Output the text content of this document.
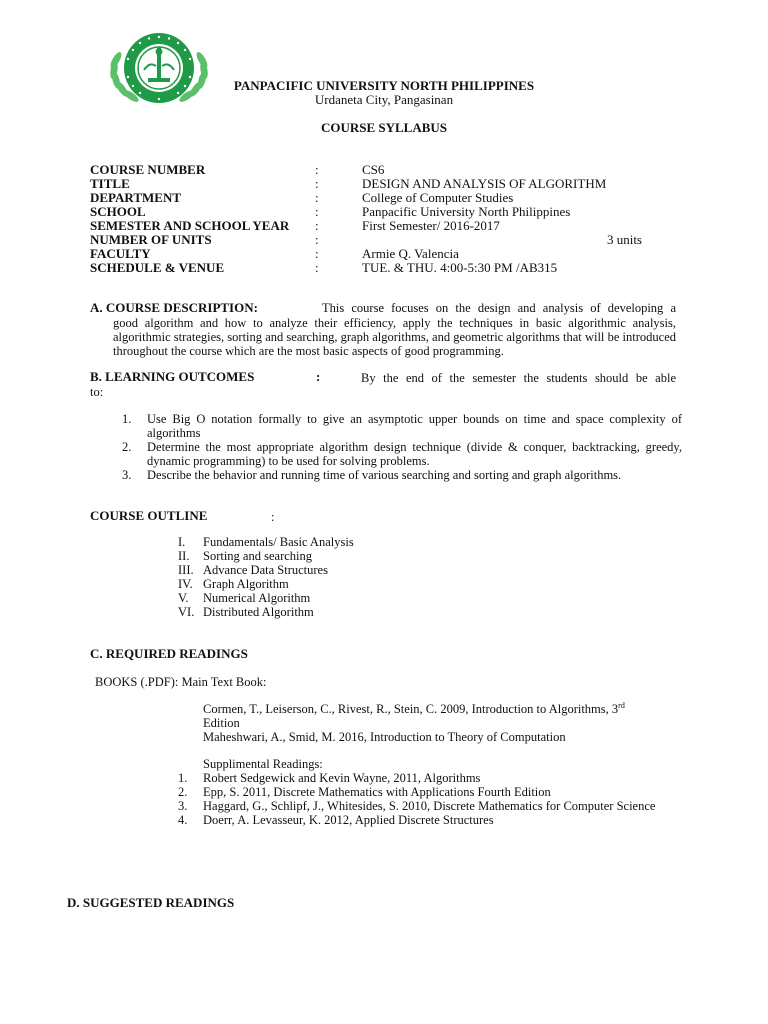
PANPACIFIC UNIVERSITY NORTH PHILIPPINES
Urdaneta City, Pangasinan
COURSE SYLLABUS
COURSE NUMBER	:	CS6
TITLE	:	DESIGN AND ANALYSIS OF ALGORITHM
DEPARTMENT	:	College of Computer Studies
SCHOOL	:	Panpacific University North Philippines
SEMESTER AND SCHOOL YEAR :	First Semester/ 2016-2017
NUMBER OF UNITS	:	3 units
FACULTY	:	Armie Q. Valencia
SCHEDULE & VENUE	:	TUE. & THU. 4:00-5:30 PM /AB315
A. COURSE DESCRIPTION:	This course focuses on the design and analysis of developing a
good algorithm and how to analyze their efficiency, apply the techniques in basic algorithmic analysis, algorithmic strategies, sorting and searching, graph algorithms, and geometric algorithms that will be introduced throughout the course which are the most basic aspects of good programming.
B. LEARNING OUTCOMES	:	By the end of the semester the students should be able
to:
1. Use Big O notation formally to give an asymptotic upper bounds on time and space complexity of algorithms
2. Determine the most appropriate algorithm design technique (divide & conquer, backtracking, greedy, dynamic programming) to be used for solving problems.
3. Describe the behavior and running time of various searching and sorting and graph algorithms.
COURSE OUTLINE	:
I. Fundamentals/ Basic Analysis
II. Sorting and searching
III. Advance Data Structures
IV. Graph Algorithm
V. Numerical Algorithm
VI. Distributed Algorithm
C. REQUIRED READINGS
BOOKS (.PDF): Main Text Book:
Cormen, T., Leiserson, C., Rivest, R., Stein, C. 2009, Introduction to Algorithms, 3rd
Edition
Maheshwari, A., Smid, M. 2016, Introduction to Theory of Computation
Supplimental Readings:
1. Robert Sedgewick and Kevin Wayne, 2011, Algorithms
2. Epp, S. 2011, Discrete Mathematics with Applications Fourth Edition
3. Haggard, G., Schlipf, J., Whitesides, S. 2010, Discrete Mathematics for Computer Science
4. Doerr, A. Levasseur, K. 2012, Applied Discrete Structures
D. SUGGESTED READINGS
